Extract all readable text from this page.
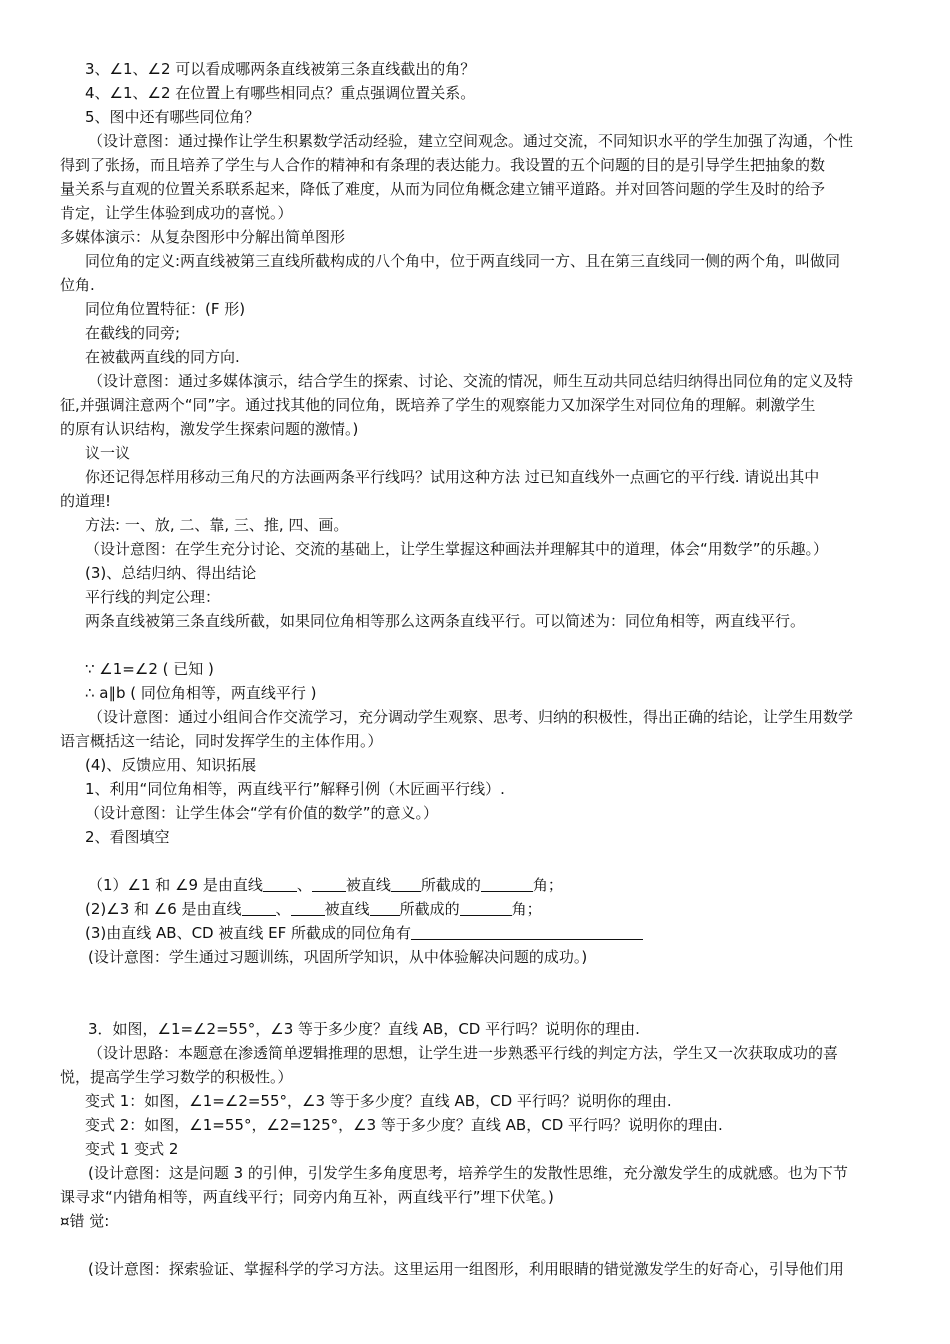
3、∠1、∠2 可以看成哪两条直线被第三条直线截出的角？
4、∠1、∠2 在位置上有哪些相同点？重点强调位置关系。
5、图中还有哪些同位角？
（设计意图：通过操作让学生积累数学活动经验，建立空间观念。通过交流，不同知识水平的学生加强了沟通，个性
得到了张扬，而且培养了学生与人合作的精神和有条理的表达能力。我设置的五个问题的目的是引导学生把抽象的数
量关系与直观的位置关系联系起来，降低了难度，从而为同位角概念建立铺平道路。并对回答问题的学生及时的给予
肯定，让学生体验到成功的喜悦。）
多媒体演示：从复杂图形中分解出简单图形
同位角的定义:两直线被第三直线所截构成的八个角中，位于两直线同一方、且在第三直线同一侧的两个角，叫做同
位角.
同位角位置特征：(F 形)
在截线的同旁;
在被截两直线的同方向.
（设计意图：通过多媒体演示，结合学生的探索、讨论、交流的情况，师生互动共同总结归纳得出同位角的定义及特
征,并强调注意两个“同”字。通过找其他的同位角，既培养了学生的观察能力又加深学生对同位角的理解。刺激学生
的原有认识结构，激发学生探索问题的激情。)
议一议
你还记得怎样用移动三角尺的方法画两条平行线吗？试用这种方法 过已知直线外一点画它的平行线. 请说出其中
的道理!
方法: 一、放, 二、靠, 三、推, 四、画。
（设计意图：在学生充分讨论、交流的基础上，让学生掌握这种画法并理解其中的道理，体会“用数学”的乐趣。）
(3)、总结归纳、得出结论
平行线的判定公理：
两条直线被第三条直线所截，如果同位角相等那么这两条直线平行。可以简述为：同位角相等，两直线平行。
∵ ∠1=∠2 ( 已知 )
∴ a∥b ( 同位角相等，两直线平行 )
（设计意图：通过小组间合作交流学习，充分调动学生观察、思考、归纳的积极性，得出正确的结论，让学生用数学
语言概括这一结论，同时发挥学生的主体作用。）
(4)、反馈应用、知识拓展
1、利用“同位角相等，两直线平行”解释引例（木匠画平行线）.
（设计意图：让学生体会“学有价值的数学”的意义。）
2、看图填空
（1）∠1 和 ∠9 是由直线 、 被直线 所截成的	角；
(2)∠3 和 ∠6 是由直线 、 被直线 所截成的	角；
(3)由直线 AB、CD 被直线 EF 所截成的同位角有
(设计意图：学生通过习题训练，巩固所学知识，从中体验解决问题的成功。)
3．如图，∠1=∠2=55°，∠3 等于多少度？直线 AB，CD 平行吗？说明你的理由.
（设计思路：本题意在渗透简单逻辑推理的思想，让学生进一步熟悉平行线的判定方法，学生又一次获取成功的喜
悦，提高学生学习数学的积极性。）
变式 1：如图，∠1=∠2=55°，∠3 等于多少度？直线 AB，CD 平行吗？说明你的理由.
变式 2：如图，∠1=55°，∠2=125°，∠3 等于多少度？直线 AB，CD 平行吗？说明你的理由.
变式 1 变式 2
(设计意图：这是问题 3 的引伸，引发学生多角度思考，培养学生的发散性思维，充分激发学生的成就感。也为下节
课寻求“内错角相等，两直线平行；同旁内角互补，两直线平行”埋下伏笔。)
¤错 觉:
(设计意图：探索验证、掌握科学的学习方法。这里运用一组图形，利用眼睛的错觉激发学生的好奇心，引导他们用
